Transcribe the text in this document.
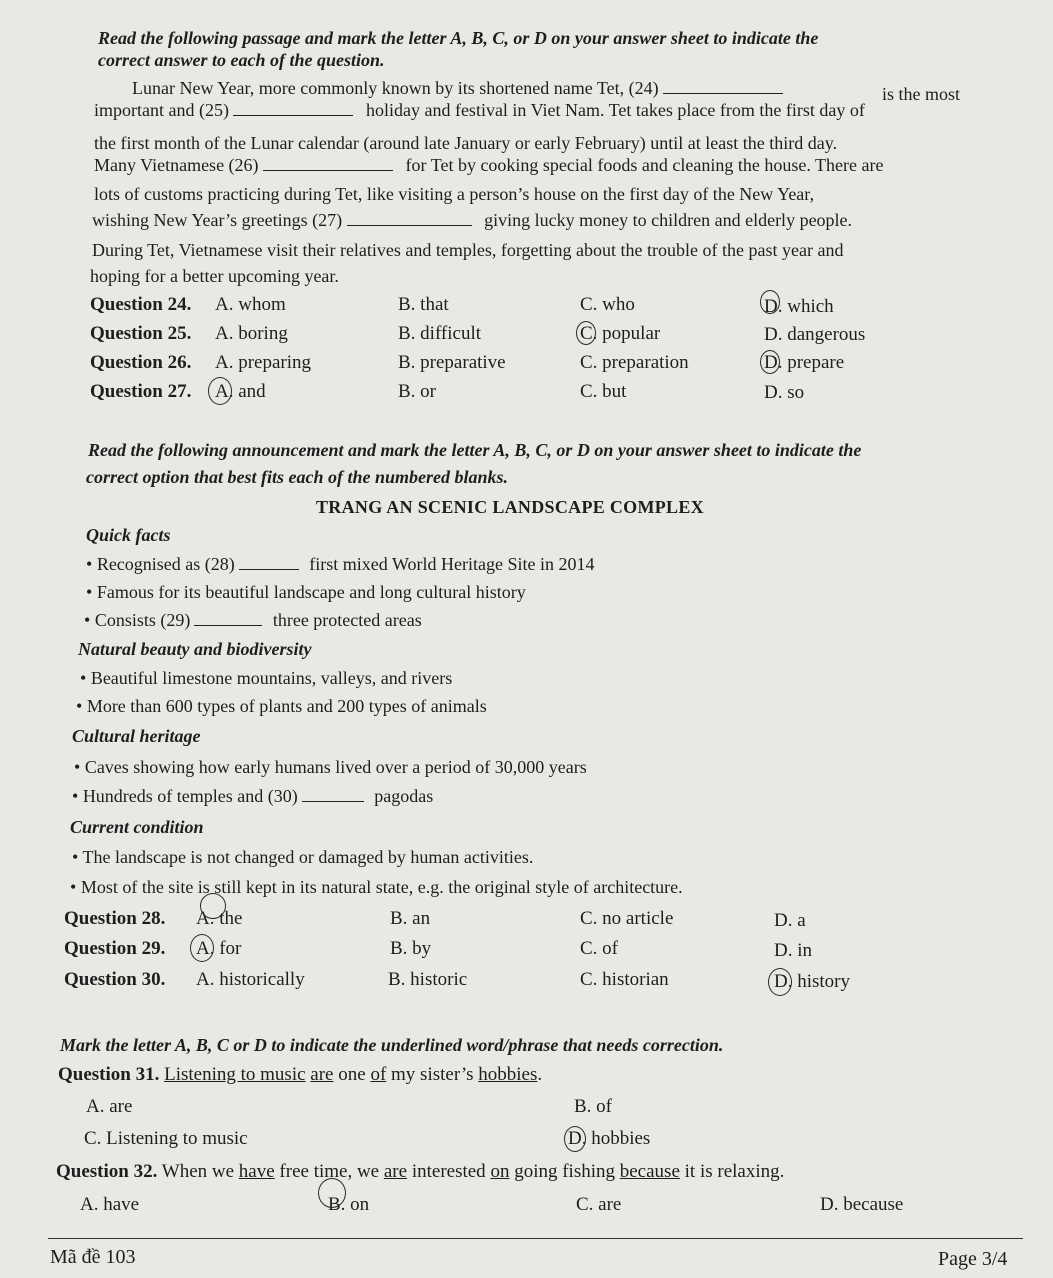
Read the following passage and mark the letter A, B, C, or D on your answer sheet to indicate the
correct answer to each of the question.
Lunar New Year, more commonly known by its shortened name Tet, (24)	is the most
important and (25)	holiday and festival in Viet Nam. Tet takes place from the first day of
the first month of the Lunar calendar (around late January or early February) until at least the third day.
Many Vietnamese (26)	for Tet by cooking special foods and cleaning the house. There are
lots of customs practicing during Tet, like visiting a person’s house on the first day of the New Year,
wishing New Year’s greetings (27)	giving lucky money to children and elderly people.
During Tet, Vietnamese visit their relatives and temples, forgetting about the trouble of the past year and
hoping for a better upcoming year.
Question 24. A. whom	B. that	C. who	D. which
Question 25. A. boring	B. difficult	C. popular	D. dangerous
Question 26. A. preparing	B. preparative	C. preparation	D. prepare
Question 27. A. and	B. or	C. but	D. so
Read the following announcement and mark the letter A, B, C, or D on your answer sheet to indicate the
correct option that best fits each of the numbered blanks.
TRANG AN SCENIC LANDSCAPE COMPLEX
Quick facts
• Recognised as (28)	first mixed World Heritage Site in 2014
• Famous for its beautiful landscape and long cultural history
• Consists (29)	three protected areas
Natural beauty and biodiversity
• Beautiful limestone mountains, valleys, and rivers
• More than 600 types of plants and 200 types of animals
Cultural heritage
• Caves showing how early humans lived over a period of 30,000 years
• Hundreds of temples and (30)	pagodas
Current condition
• The landscape is not changed or damaged by human activities.
• Most of the site is still kept in its natural state, e.g. the original style of architecture.
Question 28. A. the	B. an	C. no article	D. a
Question 29. A. for	B. by	C. of	D. in
Question 30. A. historically	B. historic	C. historian	D. history
Mark the letter A, B, C or D to indicate the underlined word/phrase that needs correction.
Question 31. Listening to music are one of my sister’s hobbies.
A. are	B. of
C. Listening to music	D. hobbies
Question 32. When we have free time, we are interested on going fishing because it is relaxing.
A. have	B. on	C. are	D. because
Mã đề 103	Page 3/4
